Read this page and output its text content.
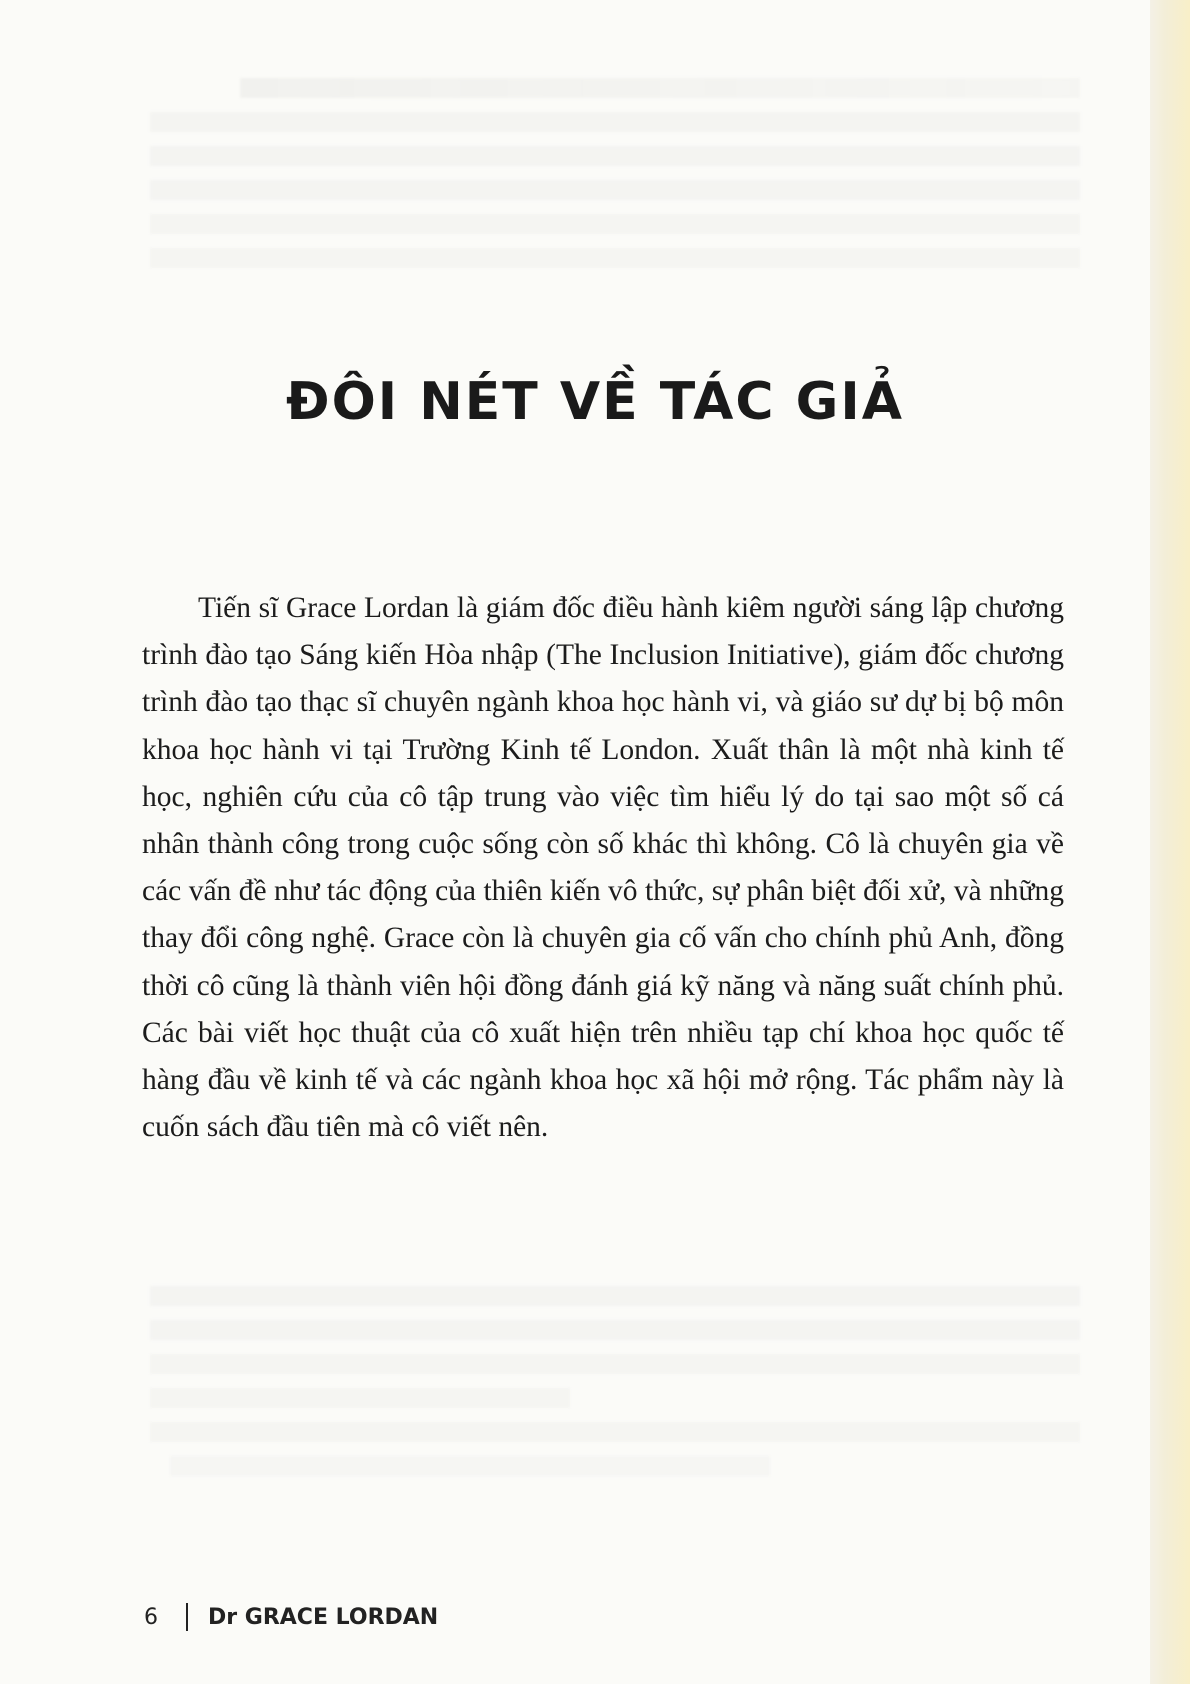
ĐÔI NÉT VỀ TÁC GIẢ

Tiến sĩ Grace Lordan là giám đốc điều hành kiêm người sáng lập chương trình đào tạo Sáng kiến Hòa nhập (The Inclusion Initiative), giám đốc chương trình đào tạo thạc sĩ chuyên ngành khoa học hành vi, và giáo sư dự bị bộ môn khoa học hành vi tại Trường Kinh tế London. Xuất thân là một nhà kinh tế học, nghiên cứu của cô tập trung vào việc tìm hiểu lý do tại sao một số cá nhân thành công trong cuộc sống còn số khác thì không. Cô là chuyên gia về các vấn đề như tác động của thiên kiến vô thức, sự phân biệt đối xử, và những thay đổi công nghệ. Grace còn là chuyên gia cố vấn cho chính phủ Anh, đồng thời cô cũng là thành viên hội đồng đánh giá kỹ năng và năng suất chính phủ. Các bài viết học thuật của cô xuất hiện trên nhiều tạp chí khoa học quốc tế hàng đầu về kinh tế và các ngành khoa học xã hội mở rộng. Tác phẩm này là cuốn sách đầu tiên mà cô viết nên.

6 Dr GRACE LORDAN
